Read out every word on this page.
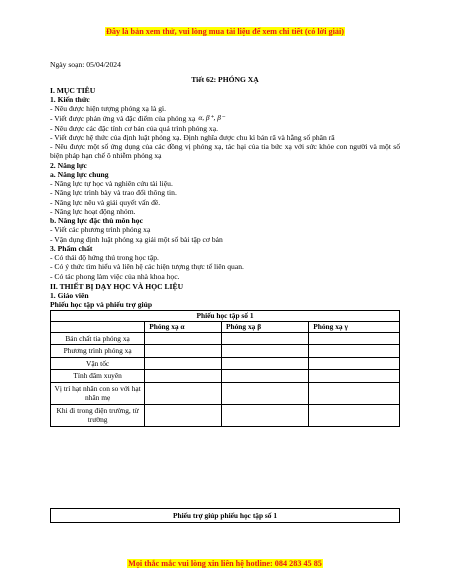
Đây là bản xem thử, vui lòng mua tài liệu để xem chi tiết (có lời giải)
Ngày soạn: 05/04/2024
Tiết 62: PHÓNG XẠ
I. MỤC TIÊU
1. Kiến thức
- Nêu được hiện tượng phóng xạ là gì.
- Viết được phản ứng và đặc điểm của phóng xạ α, β⁺, β⁻
- Nêu được các đặc tính cơ bản của quá trình phóng xạ.
- Viết được hệ thức của định luật phóng xạ. Định nghĩa được chu kì bán rã và hằng số phân rã
- Nêu được một số ứng dụng của các đồng vị phóng xạ, tác hại của tia bức xạ với sức khỏe con người và một số biện pháp hạn chế ô nhiễm phóng xạ
2. Năng lực
a. Năng lực chung
- Năng lực tự học và nghiên cứu tài liệu.
- Năng lực trình bày và trao đổi thông tin.
- Năng lực nêu và giải quyết vấn đề.
- Năng lực hoạt động nhóm.
b. Năng lực đặc thù môn học
- Viết các phương trình phóng xạ
- Vận dụng định luật phóng xạ giải một số bài tập cơ bản
3. Phẩm chất
- Có thái độ hứng thú trong học tập.
- Có ý thức tìm hiểu và liên hệ các hiện tượng thực tế liên quan.
- Có tác phong làm việc của nhà khoa học.
II. THIẾT BỊ DẠY HỌC VÀ HỌC LIỆU
1. Giáo viên
Phiếu học tập và phiếu trợ giúp
Phiếu học tập số 1			
	Phóng xạ α	Phóng xạ β	Phóng xạ γ
Bản chất tia phóng xạ			
Phương trình phóng xạ			
Vận tốc			
Tính đâm xuyên			
Vị trí hạt nhân con so với hạt nhân mẹ			
Khi đi trong điện trường, từ trường			
Phiếu trợ giúp phiếu học tập số 1
Mọi thắc mắc vui lòng xin liên hệ hotline: 084 283 45 85
